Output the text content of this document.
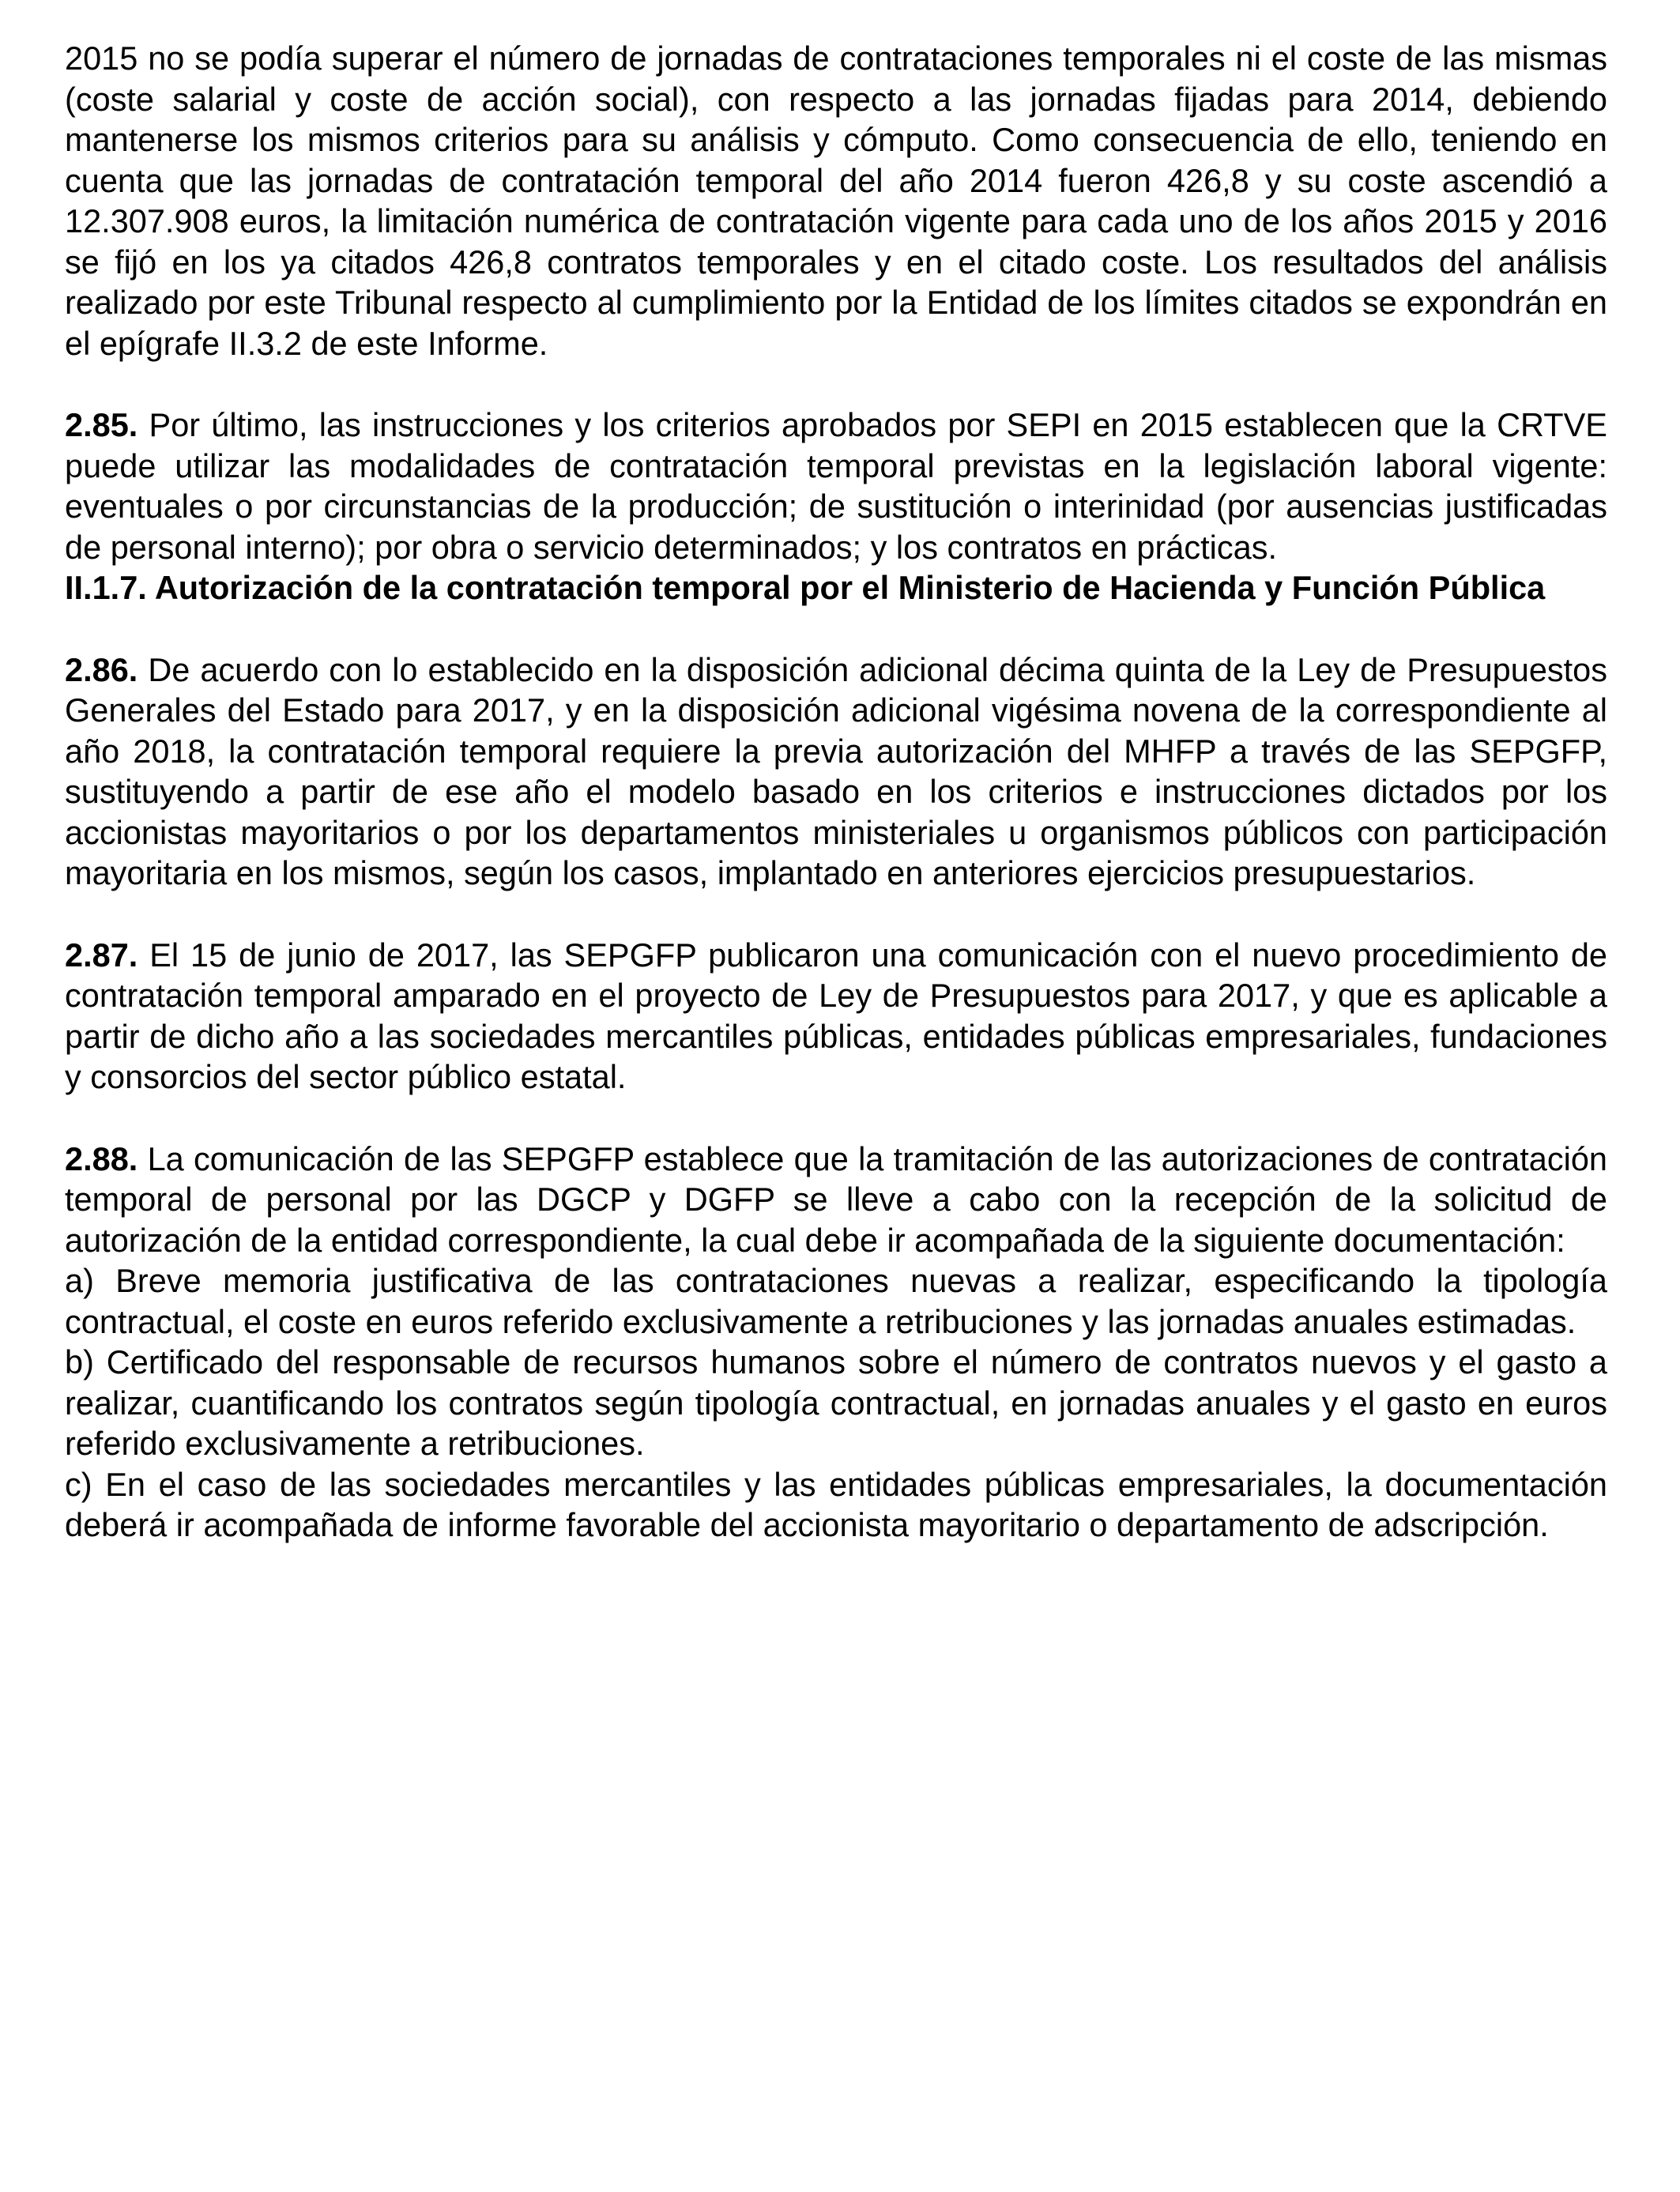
2015 no se podía superar el número de jornadas de contrataciones temporales ni el coste de las mismas (coste salarial y coste de acción social), con respecto a las jornadas fijadas para 2014, debiendo mantenerse los mismos criterios para su análisis y cómputo. Como consecuencia de ello, teniendo en cuenta que las jornadas de contratación temporal del año 2014 fueron 426,8 y su coste ascendió a 12.307.908 euros, la limitación numérica de contratación vigente para cada uno de los años 2015 y 2016 se fijó en los ya citados 426,8 contratos temporales y en el citado coste. Los resultados del análisis realizado por este Tribunal respecto al cumplimiento por la Entidad de los límites citados se expondrán en el epígrafe II.3.2 de este Informe.

2.85. Por último, las instrucciones y los criterios aprobados por SEPI en 2015 establecen que la CRTVE puede utilizar las modalidades de contratación temporal previstas en la legislación laboral vigente: eventuales o por circunstancias de la producción; de sustitución o interinidad (por ausencias justificadas de personal interno); por obra o servicio determinados; y los contratos en prácticas.

II.1.7. Autorización de la contratación temporal por el Ministerio de Hacienda y Función Pública

2.86. De acuerdo con lo establecido en la disposición adicional décima quinta de la Ley de Presupuestos Generales del Estado para 2017, y en la disposición adicional vigésima novena de la correspondiente al año 2018, la contratación temporal requiere la previa autorización del MHFP a través de las SEPGFP, sustituyendo a partir de ese año el modelo basado en los criterios e instrucciones dictados por los accionistas mayoritarios o por los departamentos ministeriales u organismos públicos con participación mayoritaria en los mismos, según los casos, implantado en anteriores ejercicios presupuestarios.

2.87. El 15 de junio de 2017, las SEPGFP publicaron una comunicación con el nuevo procedimiento de contratación temporal amparado en el proyecto de Ley de Presupuestos para 2017, y que es aplicable a partir de dicho año a las sociedades mercantiles públicas, entidades públicas empresariales, fundaciones y consorcios del sector público estatal.

2.88. La comunicación de las SEPGFP establece que la tramitación de las autorizaciones de contratación temporal de personal por las DGCP y DGFP se lleve a cabo con la recepción de la solicitud de autorización de la entidad correspondiente, la cual debe ir acompañada de la siguiente documentación:

a) Breve memoria justificativa de las contrataciones nuevas a realizar, especificando la tipología contractual, el coste en euros referido exclusivamente a retribuciones y las jornadas anuales estimadas.

b) Certificado del responsable de recursos humanos sobre el número de contratos nuevos y el gasto a realizar, cuantificando los contratos según tipología contractual, en jornadas anuales y el gasto en euros referido exclusivamente a retribuciones.

c) En el caso de las sociedades mercantiles y las entidades públicas empresariales, la documentación deberá ir acompañada de informe favorable del accionista mayoritario o departamento de adscripción.
